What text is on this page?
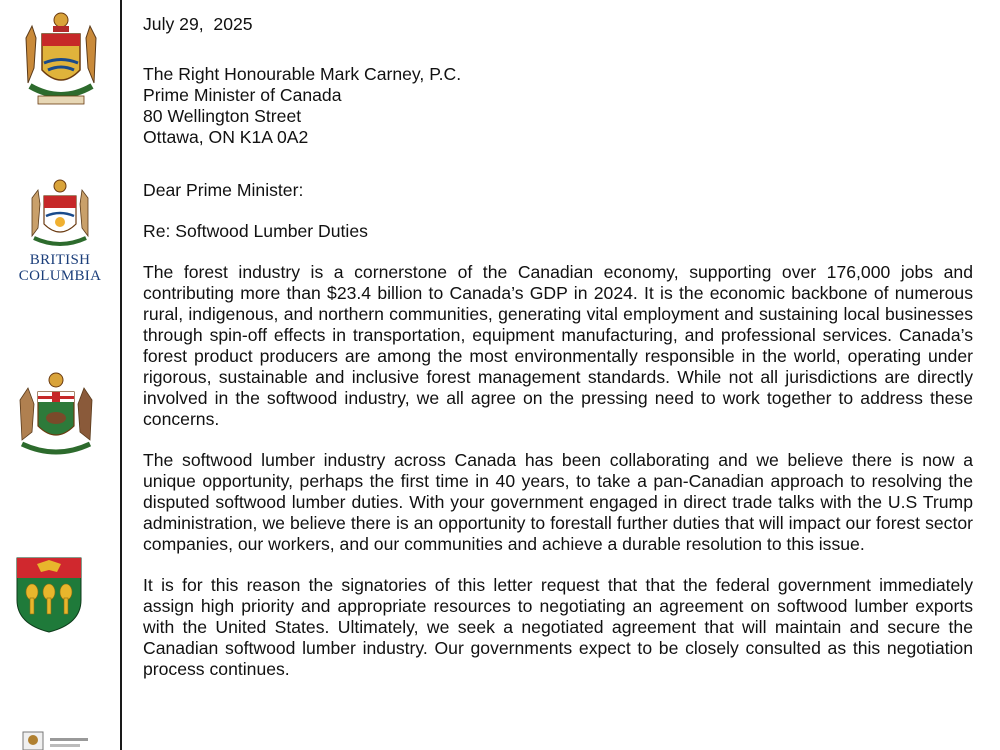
BRITISH
COLUMBIA
July 29,  2025
The Right Honourable Mark Carney, P.C.
Prime Minister of Canada
80 Wellington Street
Ottawa, ON K1A 0A2
Dear Prime Minister:
Re: Softwood Lumber Duties

The forest industry is a cornerstone of the Canadian economy, supporting over 176,000 jobs and contributing more than $23.4 billion to Canada’s GDP in 2024. It is the economic backbone of numerous rural, indigenous, and northern communities, generating vital employment and sustaining local businesses through spin-off effects in transportation, equipment manufacturing, and professional services. Canada’s forest product producers are among the most environmentally responsible in the world, operating under rigorous, sustainable and inclusive forest management standards. While not all jurisdictions are directly involved in the softwood industry, we all agree on the pressing need to work together to address these concerns.

The softwood lumber industry across Canada has been collaborating and we believe there is now a unique opportunity, perhaps the first time in 40 years, to take a pan-Canadian approach to resolving the disputed softwood lumber duties. With your government engaged in direct trade talks with the U.S Trump administration, we believe there is an opportunity to forestall further duties that will impact our forest sector companies, our workers, and our communities and achieve a durable resolution to this issue.

It is for this reason the signatories of this letter request that that the federal government immediately assign high priority and appropriate resources to negotiating an agreement on softwood lumber exports with the United States. Ultimately, we seek a negotiated agreement that will maintain and secure the Canadian softwood lumber industry. Our governments expect to be closely consulted as this negotiation process continues.
